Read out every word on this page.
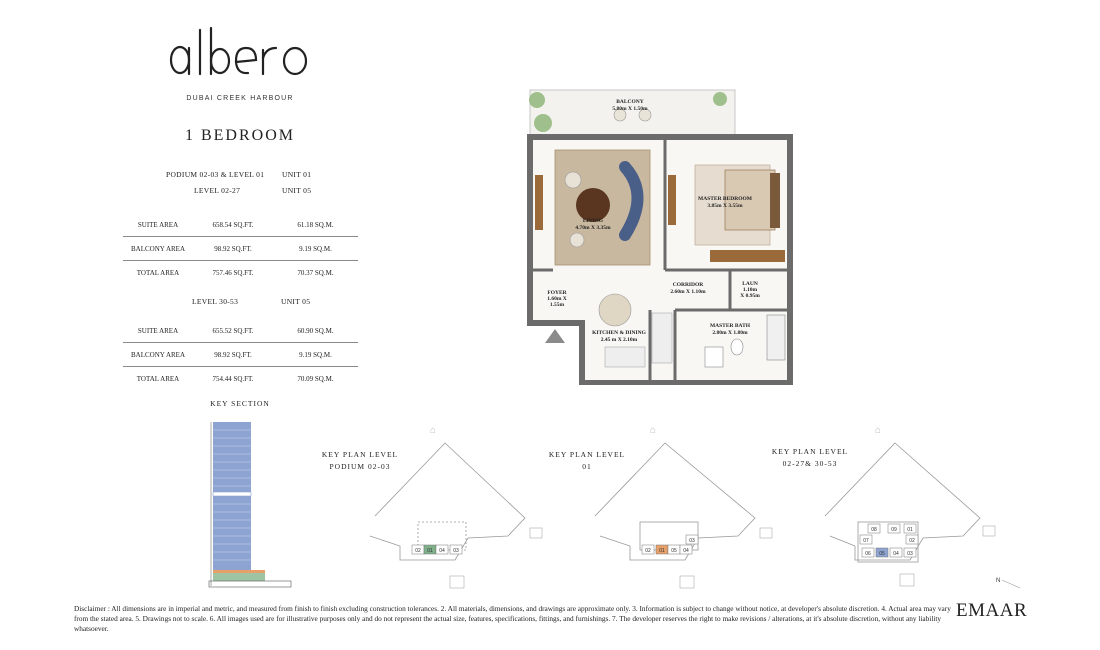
DUBAI CREEK HARBOUR
1 BEDROOM
PODIUM 02-03 & LEVEL 01 UNIT 01
LEVEL 02-27	UNIT 05
SUITE AREA	658.54 SQ.FT.	61.18 SQ.M.
BALCONY AREA	98.92 SQ.FT.	9.19 SQ.M.
TOTAL AREA	757.46 SQ.FT.	70.37 SQ.M.
LEVEL 30-53	UNIT 05
SUITE AREA	655.52 SQ.FT.	60.90 SQ.M.
BALCONY AREA	98.92 SQ.FT.	9.19 SQ.M.
TOTAL AREA	754.44 SQ.FT.	70.09 SQ.M.
BALCONY
5.80m X 1.50m
LIVING
4.70m X 3.35m
MASTER BEDROOM
3.85m X 3.55m
CORRIDOR
2.60m X 1.10m
LAUN
1.10m
X 0.95m
FOYER
1.60m X
1.55m
KITCHEN & DINING
2.45 m X 2.10m
MASTER BATH
2.80m X 1.80m
KEY SECTION
KEY PLAN LEVEL
PODIUM 02-03
KEY PLAN LEVEL
01
KEY PLAN LEVEL
02-27& 30-53
⌂	⌂	⌂
02 01 04 03	02 01 05 04
03
08	09 01
07	02
06 05 04 03
N
Disclaimer : All dimensions are in imperial and metric, and measured from finish to finish excluding construction tolerances. 2. All materials, dimensions, and drawings are approximate only. 3. Information is subject to change without notice, at developer's absolute discretion. 4. Actual area may vary from the stated area. 5. Drawings not to scale. 6. All images used are for illustrative purposes only and do not represent the actual size, features, specifications, fittings, and furnishings. 7. The developer reserves the right to make revisions / alterations, at it's absolute discretion, without any liability whatsoever.
EMAAR
